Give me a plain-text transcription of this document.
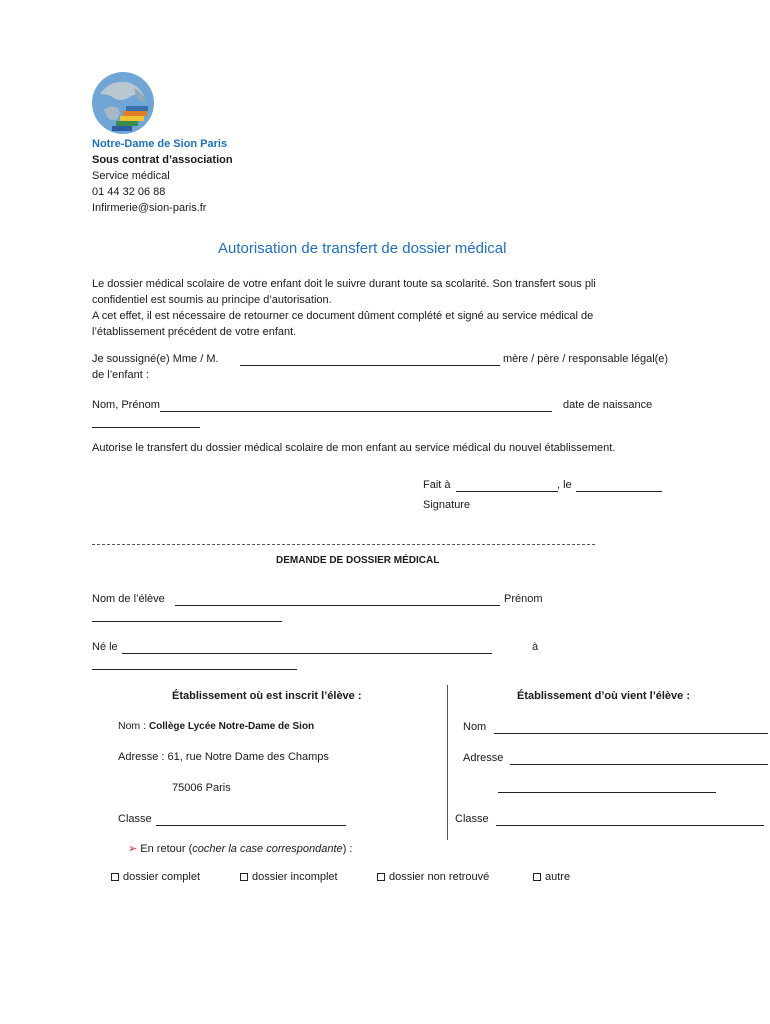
Notre-Dame de Sion Paris
Sous contrat d’association
Service médical
01 44 32 06 88
Infirmerie@sion-paris.fr
Autorisation de transfert de dossier médical
Le dossier médical scolaire de votre enfant doit le suivre durant toute sa scolarité. Son transfert sous pli
confidentiel est soumis au principe d’autorisation.
A cet effet, il est nécessaire de retourner ce document dûment complété et signé au service médical de
l’établissement précédent de votre enfant.
Je soussigné(e) Mme / M.	mère / père / responsable légal(e)
de l’enfant :
Nom, Prénom	date de naissance
Autorise le transfert du dossier médical scolaire de mon enfant au service médical du nouvel établissement.
Fait à	, le
Signature
DEMANDE DE DOSSIER MÉDICAL
Nom de l’élève	Prénom
Né le	à
Établissement où est inscrit l’élève :
Nom : Collège Lycée Notre-Dame de Sion
Adresse : 61, rue Notre Dame des Champs
75006 Paris
Classe
Établissement d’où vient l’élève :
Nom
Adresse
Classe
➢ En retour (cocher la case correspondante) :
dossier complet	dossier incomplet	dossier non retrouvé	autre
